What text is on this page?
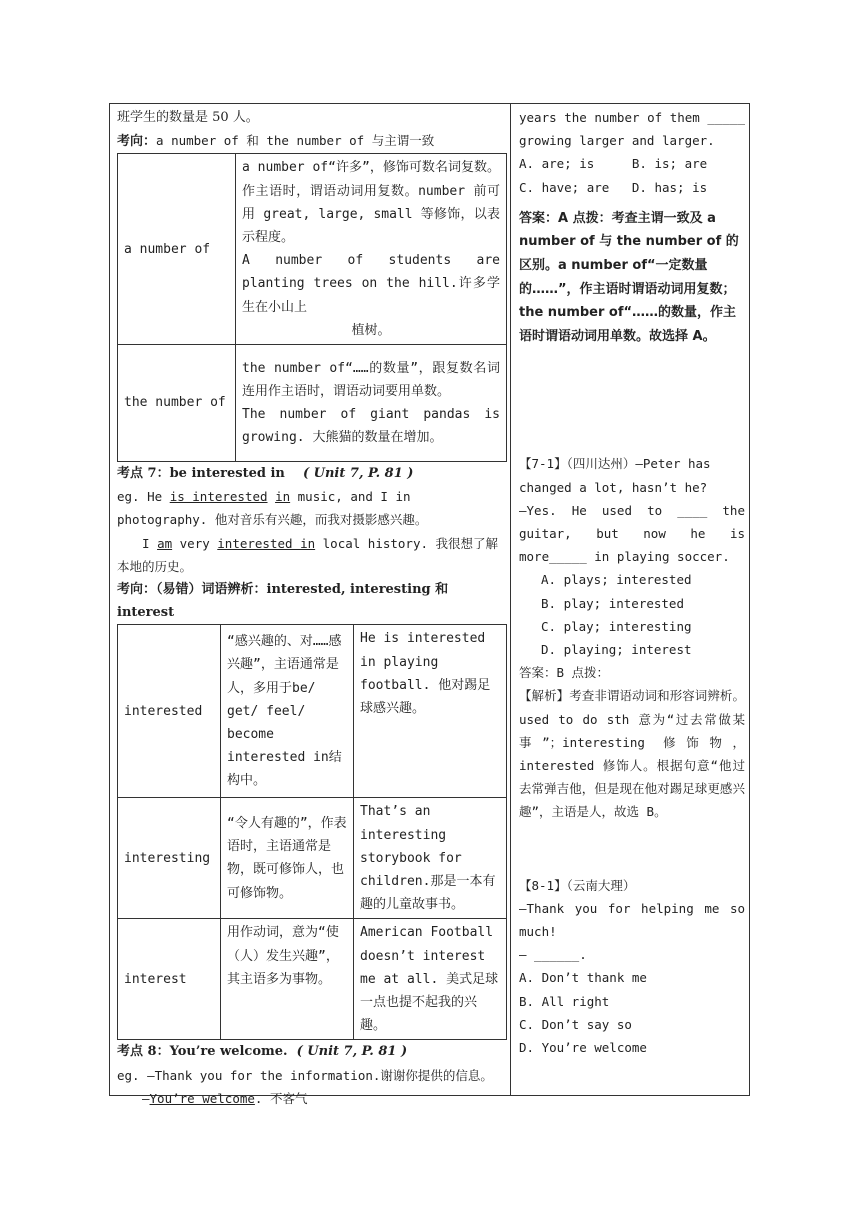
班学生的数量是 50 人。

考向：a number of 和 the number of 与主谓一致

a number of	a number of“许多”，修饰可数名词复数。作主语时，谓语动词用复数。number 前可用 great, large, small 等修饰，以表示程度。
A number of students are planting trees on the hill.许多学生在小山上
植树。

the number of	the number of“……的数量”，跟复数名词连用作主语时，谓语动词要用单数。
The number of giant pandas is growing. 大熊猫的数量在增加。

考点 7：be interested in ( Unit 7, P. 81 )

eg. He is interested in music, and I in photography. 他对音乐有兴趣，而我对摄影感兴趣。

I am very interested in local history. 我很想了解本地的历史。

考向：（易错）词语辨析：interested, interesting 和 interest

interested	“感兴趣的、对……感兴趣”，主语通常是人，多用于be/ get/ feel/ become interested in结构中。	He is interested in playing football. 他对踢足球感兴趣。
interesting	“令人有趣的”，作表语时，主语通常是物，既可修饰人，也可修饰物。	That’s an interesting storybook for children.那是一本有趣的儿童故事书。
interest	用作动词，意为“使（人）发生兴趣”，其主语多为事物。	American Football doesn’t interest me at all. 美式足球一点也提不起我的兴趣。

考点 8：You’re welcome. ( Unit 7, P. 81 )

eg. —Thank you for the information.谢谢你提供的信息。

—You’re welcome. 不客气

years the number of them _____ growing larger and larger.

A. are; is	B. is; are

C. have; are D. has; is

答案：A 点拨：考查主谓一致及 a number of 与 the number of 的区别。a number of“一定数量的……”，作主语时谓语动词用复数；the number of“……的数量，作主语时谓语动词用单数。故选择 A。

【7-1】（四川达州）—Peter has changed a lot, hasn’t he?

—Yes. He used to ____ the guitar, but now he is more_____ in playing soccer.

A. plays; interested

B. play; interested

C. play; interesting

D. playing; interest

答案：B 点拨：

【解析】考查非谓语动词和形容词辨析。used to do sth 意为“过去常做某事”；interesting 修饰物，interested 修饰人。根据句意“他过去常弹吉他，但是现在他对踢足球更感兴趣”，主语是人，故选 B。

【8-1】（云南大理）

—Thank you for helping me so much!

— ______.

A. Don’t thank me

B. All right

C. Don’t say so

D. You’re welcome
